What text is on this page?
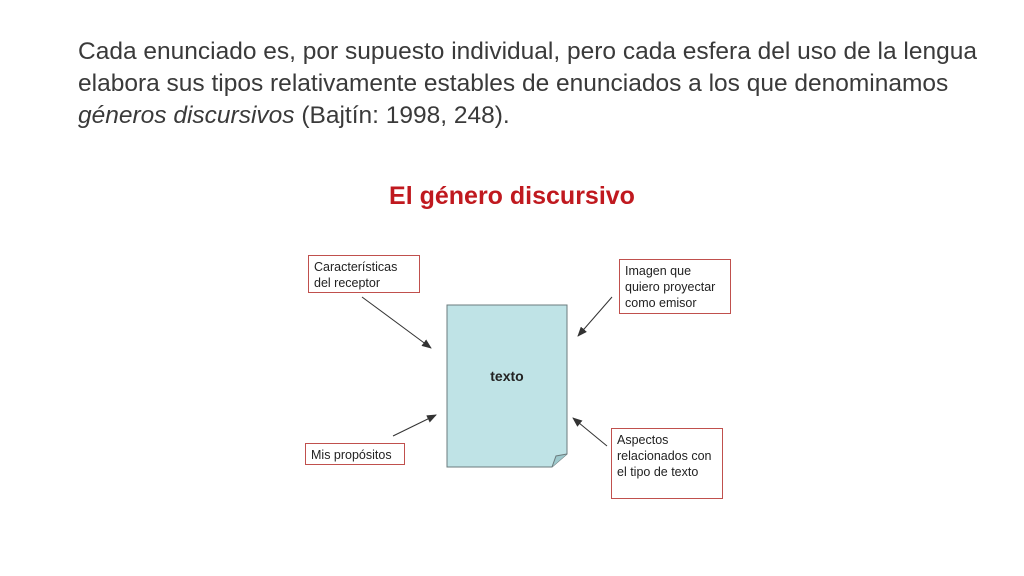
Cada enunciado es, por supuesto individual, pero cada esfera del uso de la lengua elabora sus tipos relativamente estables de enunciados a los que denominamos géneros discursivos (Bajtín: 1998, 248).

El género discursivo
texto
Características del receptor
Imagen que quiero proyectar como emisor
Mis propósitos
Aspectos relacionados con el tipo de texto
